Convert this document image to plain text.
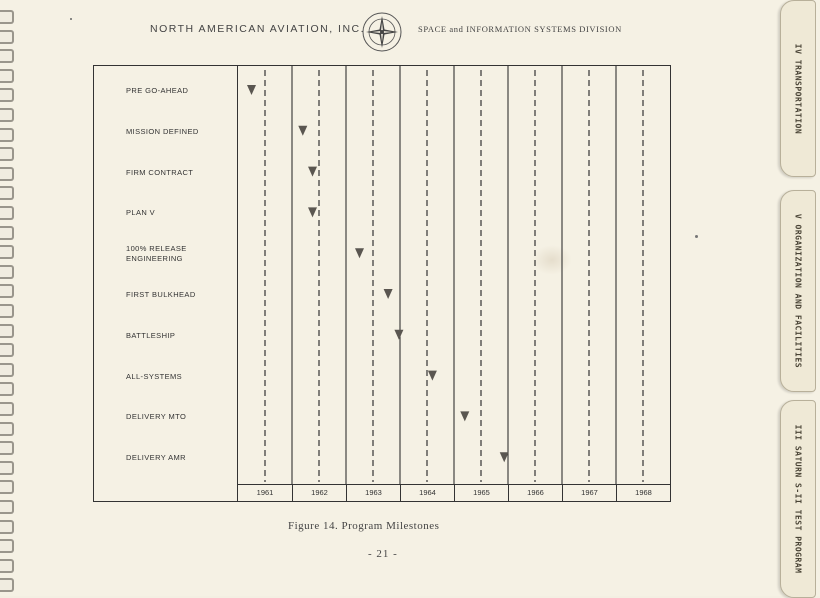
NORTH AMERICAN AVIATION, INC.	SPACE and INFORMATION SYSTEMS DIVISION
PRE GO-AHEAD
MISSION DEFINED
FIRM CONTRACT
PLAN V
100% RELEASE
ENGINEERING
FIRST BULKHEAD
BATTLESHIP
ALL-SYSTEMS
DELIVERY MTO
DELIVERY AMR
1961	1962	1963	1964	1965	1966	1967	1968
Figure 14. Program Milestones
- 21 -
IV TRANSPORTATION
V ORGANIZATION AND FACILITIES
III SATURN S-II TEST PROGRAM
